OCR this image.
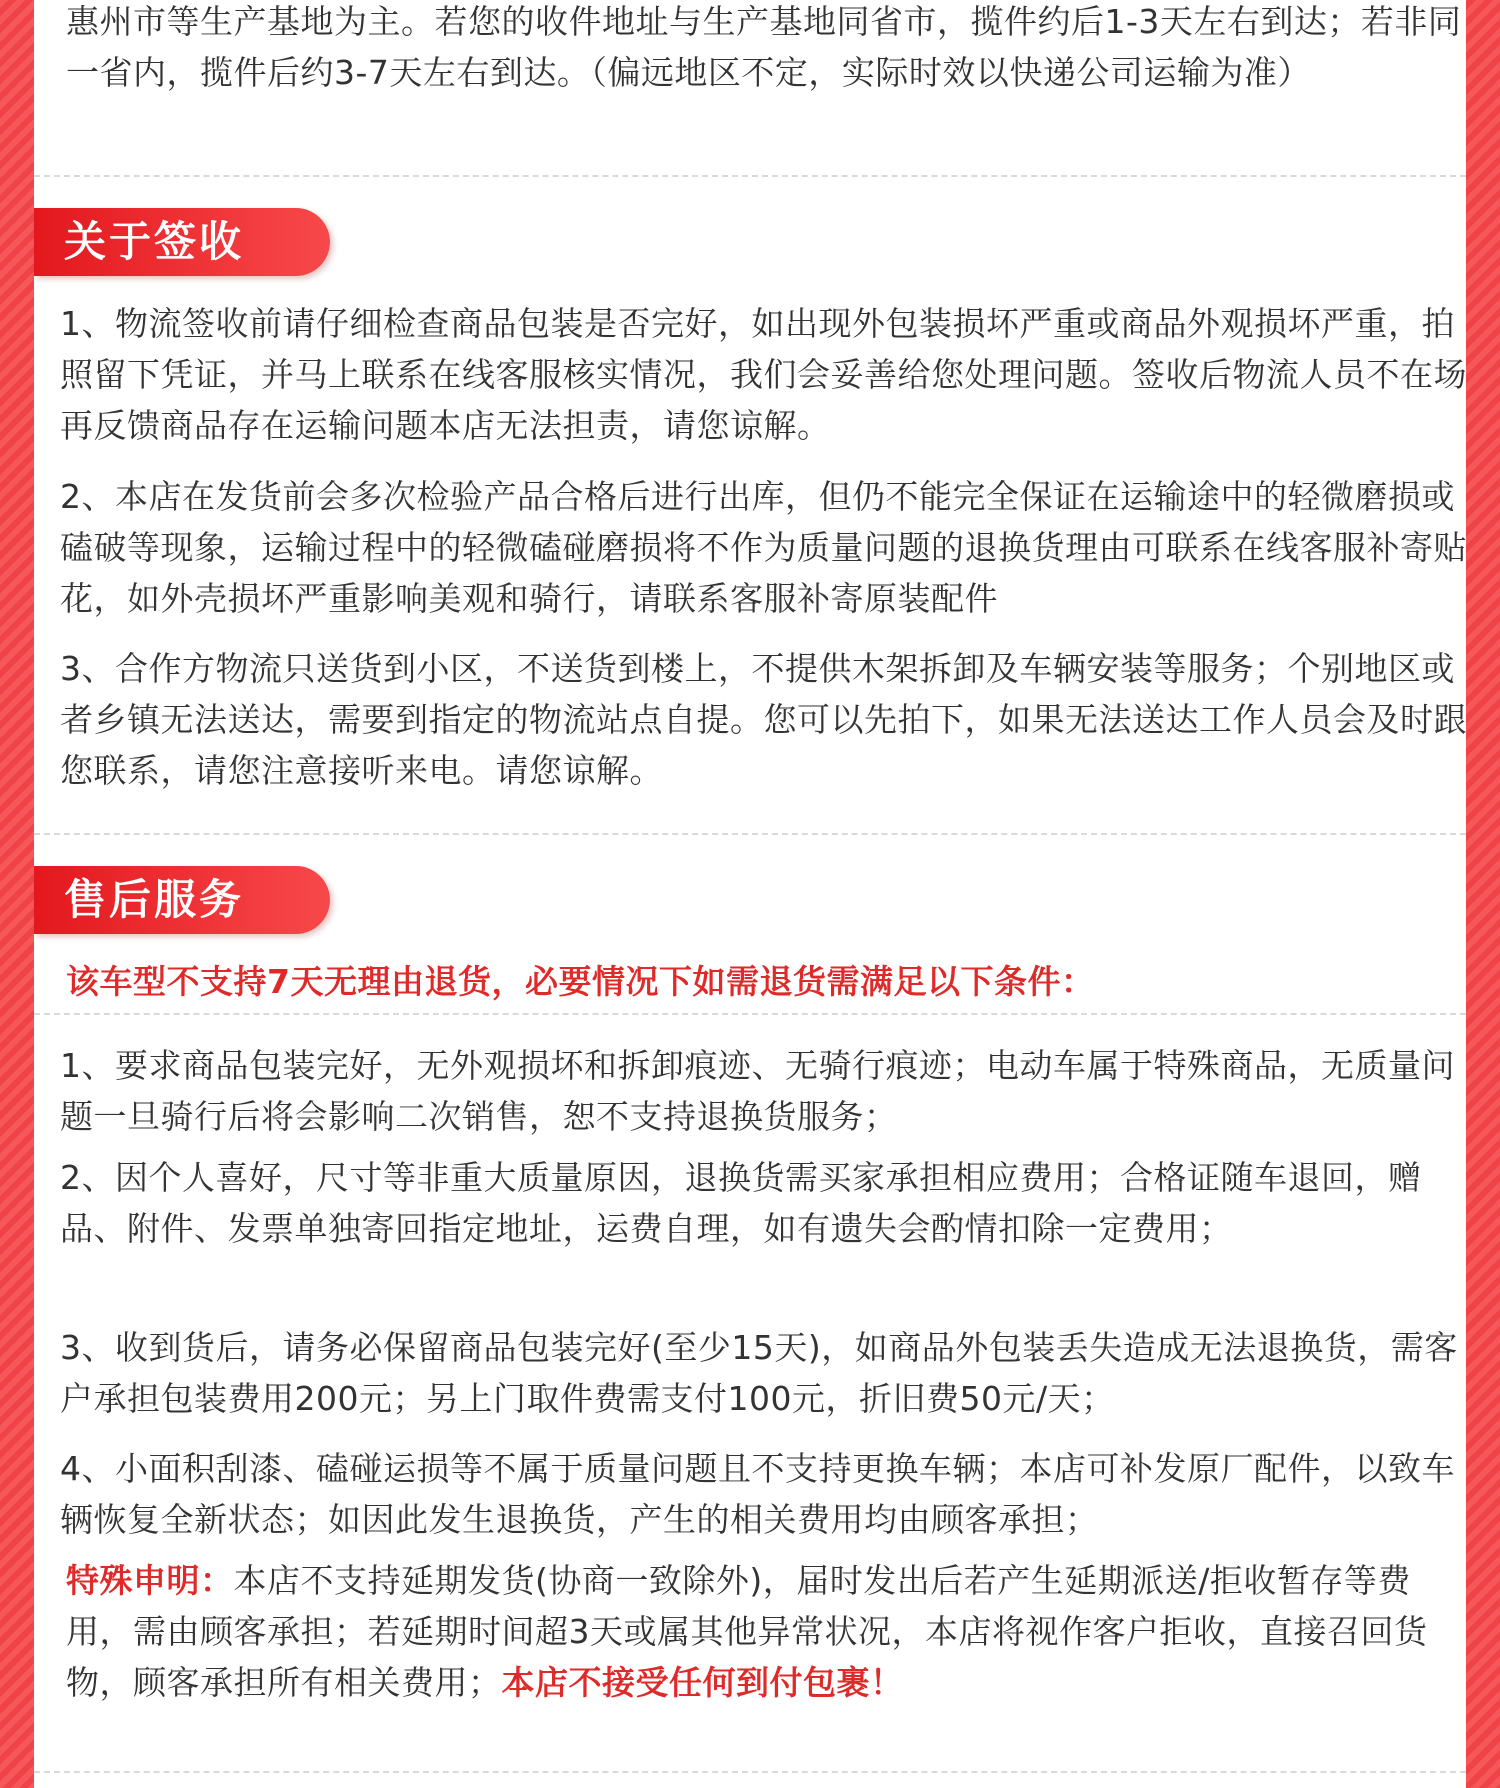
惠州市等生产基地为主。若您的收件地址与生产基地同省市，揽件约后1-3天左右到达；若非同一省内，揽件后约3-7天左右到达。（偏远地区不定，实际时效以快递公司运输为准）

关于签收

1、物流签收前请仔细检查商品包装是否完好，如出现外包装损坏严重或商品外观损坏严重，拍照留下凭证，并马上联系在线客服核实情况，我们会妥善给您处理问题。签收后物流人员不在场再反馈商品存在运输问题本店无法担责，请您谅解。

2、本店在发货前会多次检验产品合格后进行出库，但仍不能完全保证在运输途中的轻微磨损或磕破等现象，运输过程中的轻微磕碰磨损将不作为质量问题的退换货理由可联系在线客服补寄贴花，如外壳损坏严重影响美观和骑行，请联系客服补寄原装配件

3、合作方物流只送货到小区，不送货到楼上，不提供木架拆卸及车辆安装等服务；个别地区或者乡镇无法送达，需要到指定的物流站点自提。您可以先拍下，如果无法送达工作人员会及时跟您联系，请您注意接听来电。请您谅解。

售后服务

该车型不支持7天无理由退货，必要情况下如需退货需满足以下条件：

1、要求商品包装完好，无外观损坏和拆卸痕迹、无骑行痕迹；电动车属于特殊商品，无质量问题一旦骑行后将会影响二次销售，恕不支持退换货服务；

2、因个人喜好，尺寸等非重大质量原因，退换货需买家承担相应费用；合格证随车退回，赠品、附件、发票单独寄回指定地址，运费自理，如有遗失会酌情扣除一定费用；

3、收到货后，请务必保留商品包装完好(至少15天)，如商品外包装丢失造成无法退换货，需客户承担包装费用200元；另上门取件费需支付100元，折旧费50元/天；

4、小面积刮漆、磕碰运损等不属于质量问题且不支持更换车辆；本店可补发原厂配件，以致车辆恢复全新状态；如因此发生退换货，产生的相关费用均由顾客承担；

特殊申明：本店不支持延期发货(协商一致除外)，届时发出后若产生延期派送/拒收暂存等费用，需由顾客承担；若延期时间超3天或属其他异常状况，本店将视作客户拒收，直接召回货物，顾客承担所有相关费用；本店不接受任何到付包裹！
